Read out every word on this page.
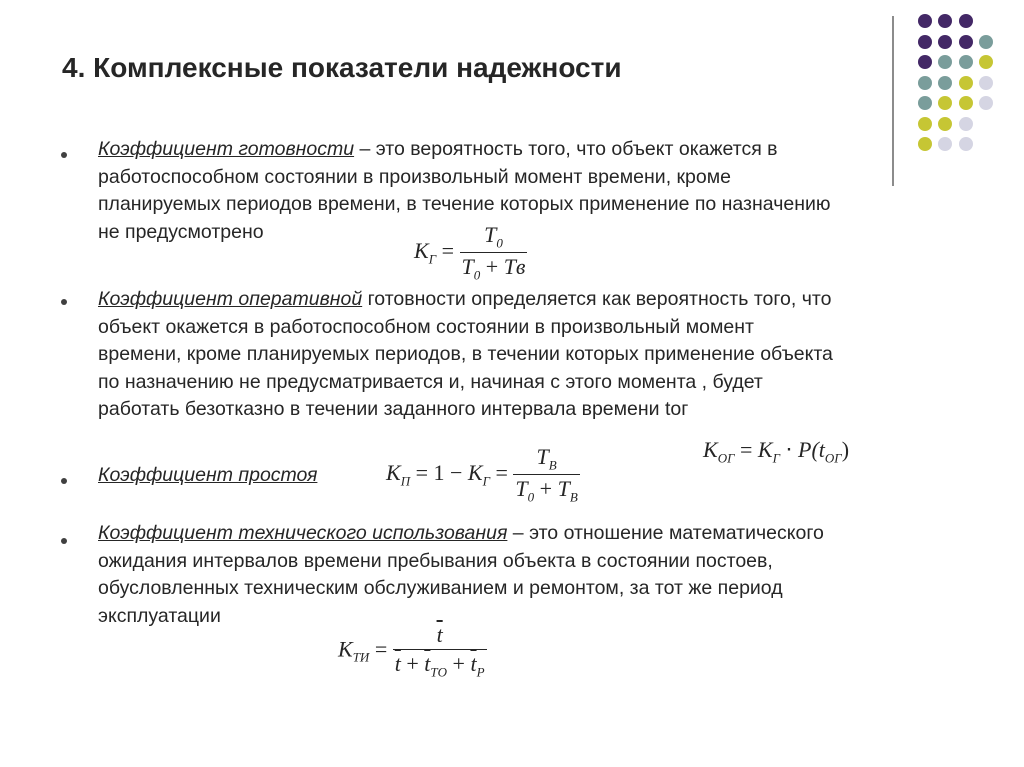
4. Комплексные показатели надежности

Коэффициент готовности – это вероятность того, что объект окажется в
работоспособном состоянии в произвольный момент времени, кроме
планируемых периодов времени, в течение которых применение по назначению
не предусмотрено

$K_Г = \frac{T_0}{T_0 + Tв}$

Коэффициент оперативной готовности определяется как вероятность того, что
объект окажется в работоспособном состоянии в произвольный момент
времени, кроме планируемых периодов, в течении которых применение объекта
по назначению не предусматривается и, начиная с этого момента , будет
работать безотказно в течении заданного интервала времени tог

$K_{ОГ} = K_Г \cdot P(t_{ОГ})$

Коэффициент простоя	$K_П = 1 - K_Г = \frac{T_В}{T_0 + T_В}$

Коэффициент технического использования – это отношение математического
ожидания интервалов времени пребывания объекта в состоянии постоев,
обусловленных техническим обслуживанием и ремонтом, за тот же период
эксплуатации

$K_{ТИ} = \frac{\overline{t}}{\overline{t} + \overline{t}_{ТО} + \overline{t}_Р}$
